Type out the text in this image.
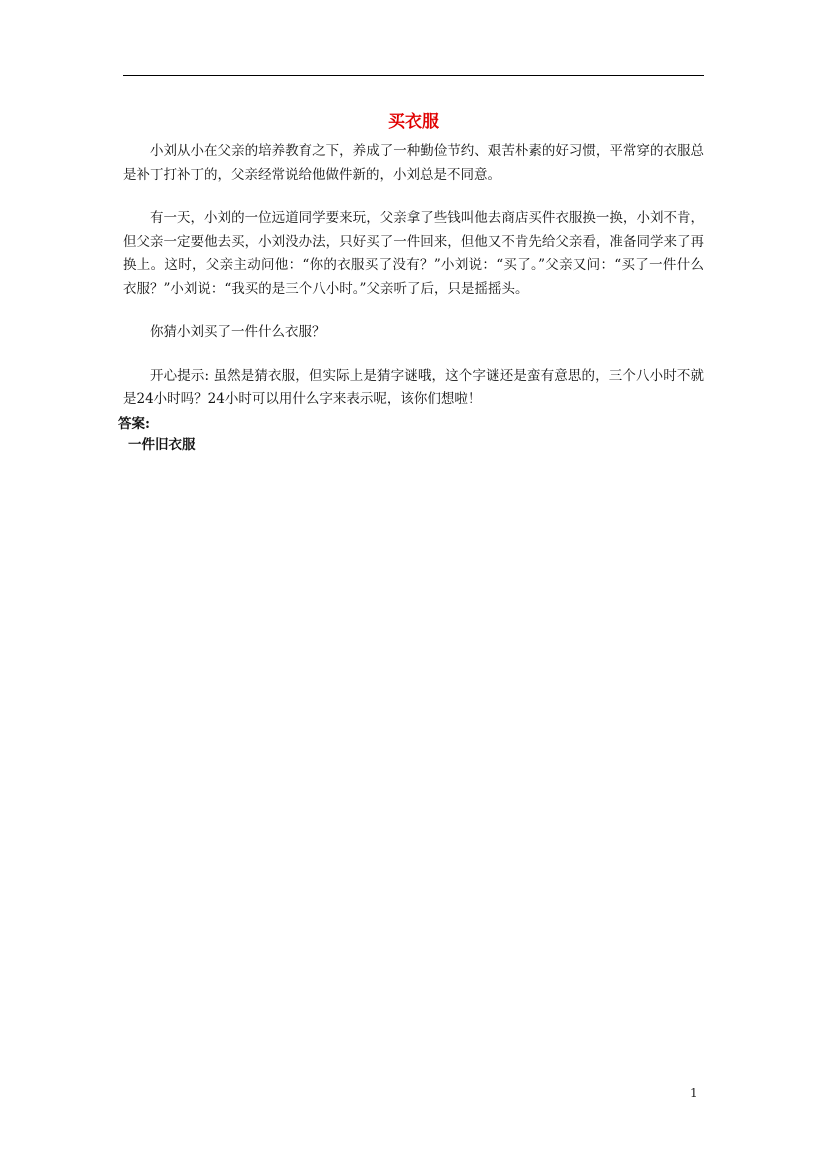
买衣服

小刘从小在父亲的培养教育之下，养成了一种勤俭节约、艰苦朴素的好习惯，平常穿的衣服总是补丁打补丁的，父亲经常说给他做件新的，小刘总是不同意。

有一天，小刘的一位远道同学要来玩，父亲拿了些钱叫他去商店买件衣服换一换，小刘不肯，但父亲一定要他去买，小刘没办法，只好买了一件回来，但他又不肯先给父亲看，准备同学来了再换上。这时，父亲主动问他：“你的衣服买了没有？”小刘说：“买了。”父亲又问：“买了一件什么衣服？”小刘说：“我买的是三个八小时。”父亲听了后，只是摇摇头。

你猜小刘买了一件什么衣服？

开心提示: 虽然是猜衣服，但实际上是猜字谜哦，这个字谜还是蛮有意思的，三个八小时不就是24小时吗？24小时可以用什么字来表示呢，该你们想啦！

答案:
一件旧衣服
1
